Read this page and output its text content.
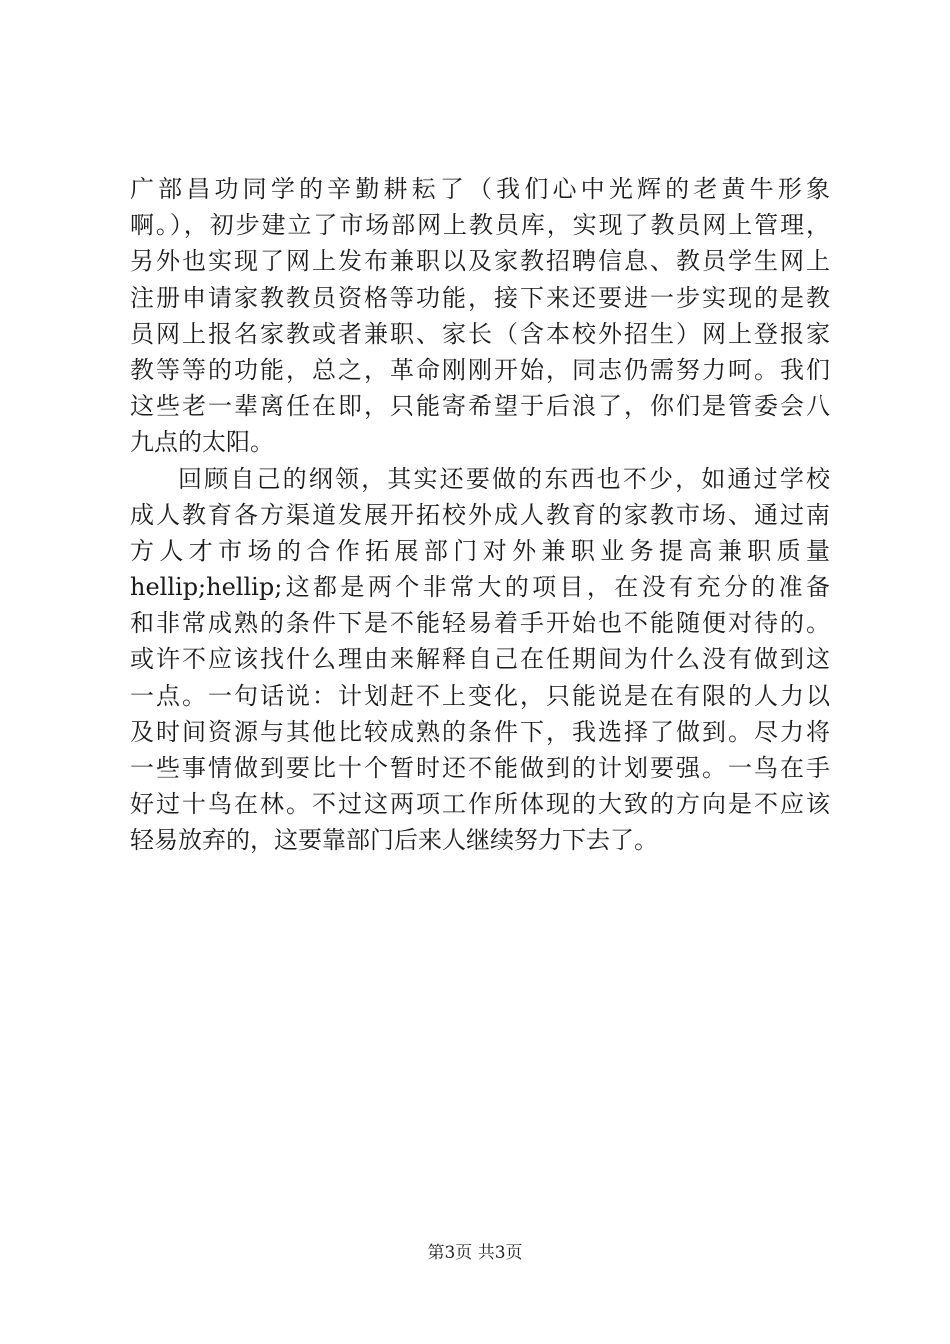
广部昌功同学的辛勤耕耘了（我们心中光辉的老黄牛形象
啊。），初步建立了市场部网上教员库，实现了教员网上管理，
另外也实现了网上发布兼职以及家教招聘信息、教员学生网上
注册申请家教教员资格等功能，接下来还要进一步实现的是教
员网上报名家教或者兼职、家长（含本校外招生）网上登报家
教等等的功能，总之，革命刚刚开始，同志仍需努力呵。我们
这些老一辈离任在即，只能寄希望于后浪了，你们是管委会八
九点的太阳。
回顾自己的纲领，其实还要做的东西也不少，如通过学校
成人教育各方渠道发展开拓校外成人教育的家教市场、通过南
方人才市场的合作拓展部门对外兼职业务提高兼职质量
hellip;hellip;这都是两个非常大的项目，在没有充分的准备
和非常成熟的条件下是不能轻易着手开始也不能随便对待的。
或许不应该找什么理由来解释自己在任期间为什么没有做到这
一点。一句话说：计划赶不上变化，只能说是在有限的人力以
及时间资源与其他比较成熟的条件下，我选择了做到。尽力将
一些事情做到要比十个暂时还不能做到的计划要强。一鸟在手
好过十鸟在林。不过这两项工作所体现的大致的方向是不应该
轻易放弃的，这要靠部门后来人继续努力下去了。
第3页 共3页
